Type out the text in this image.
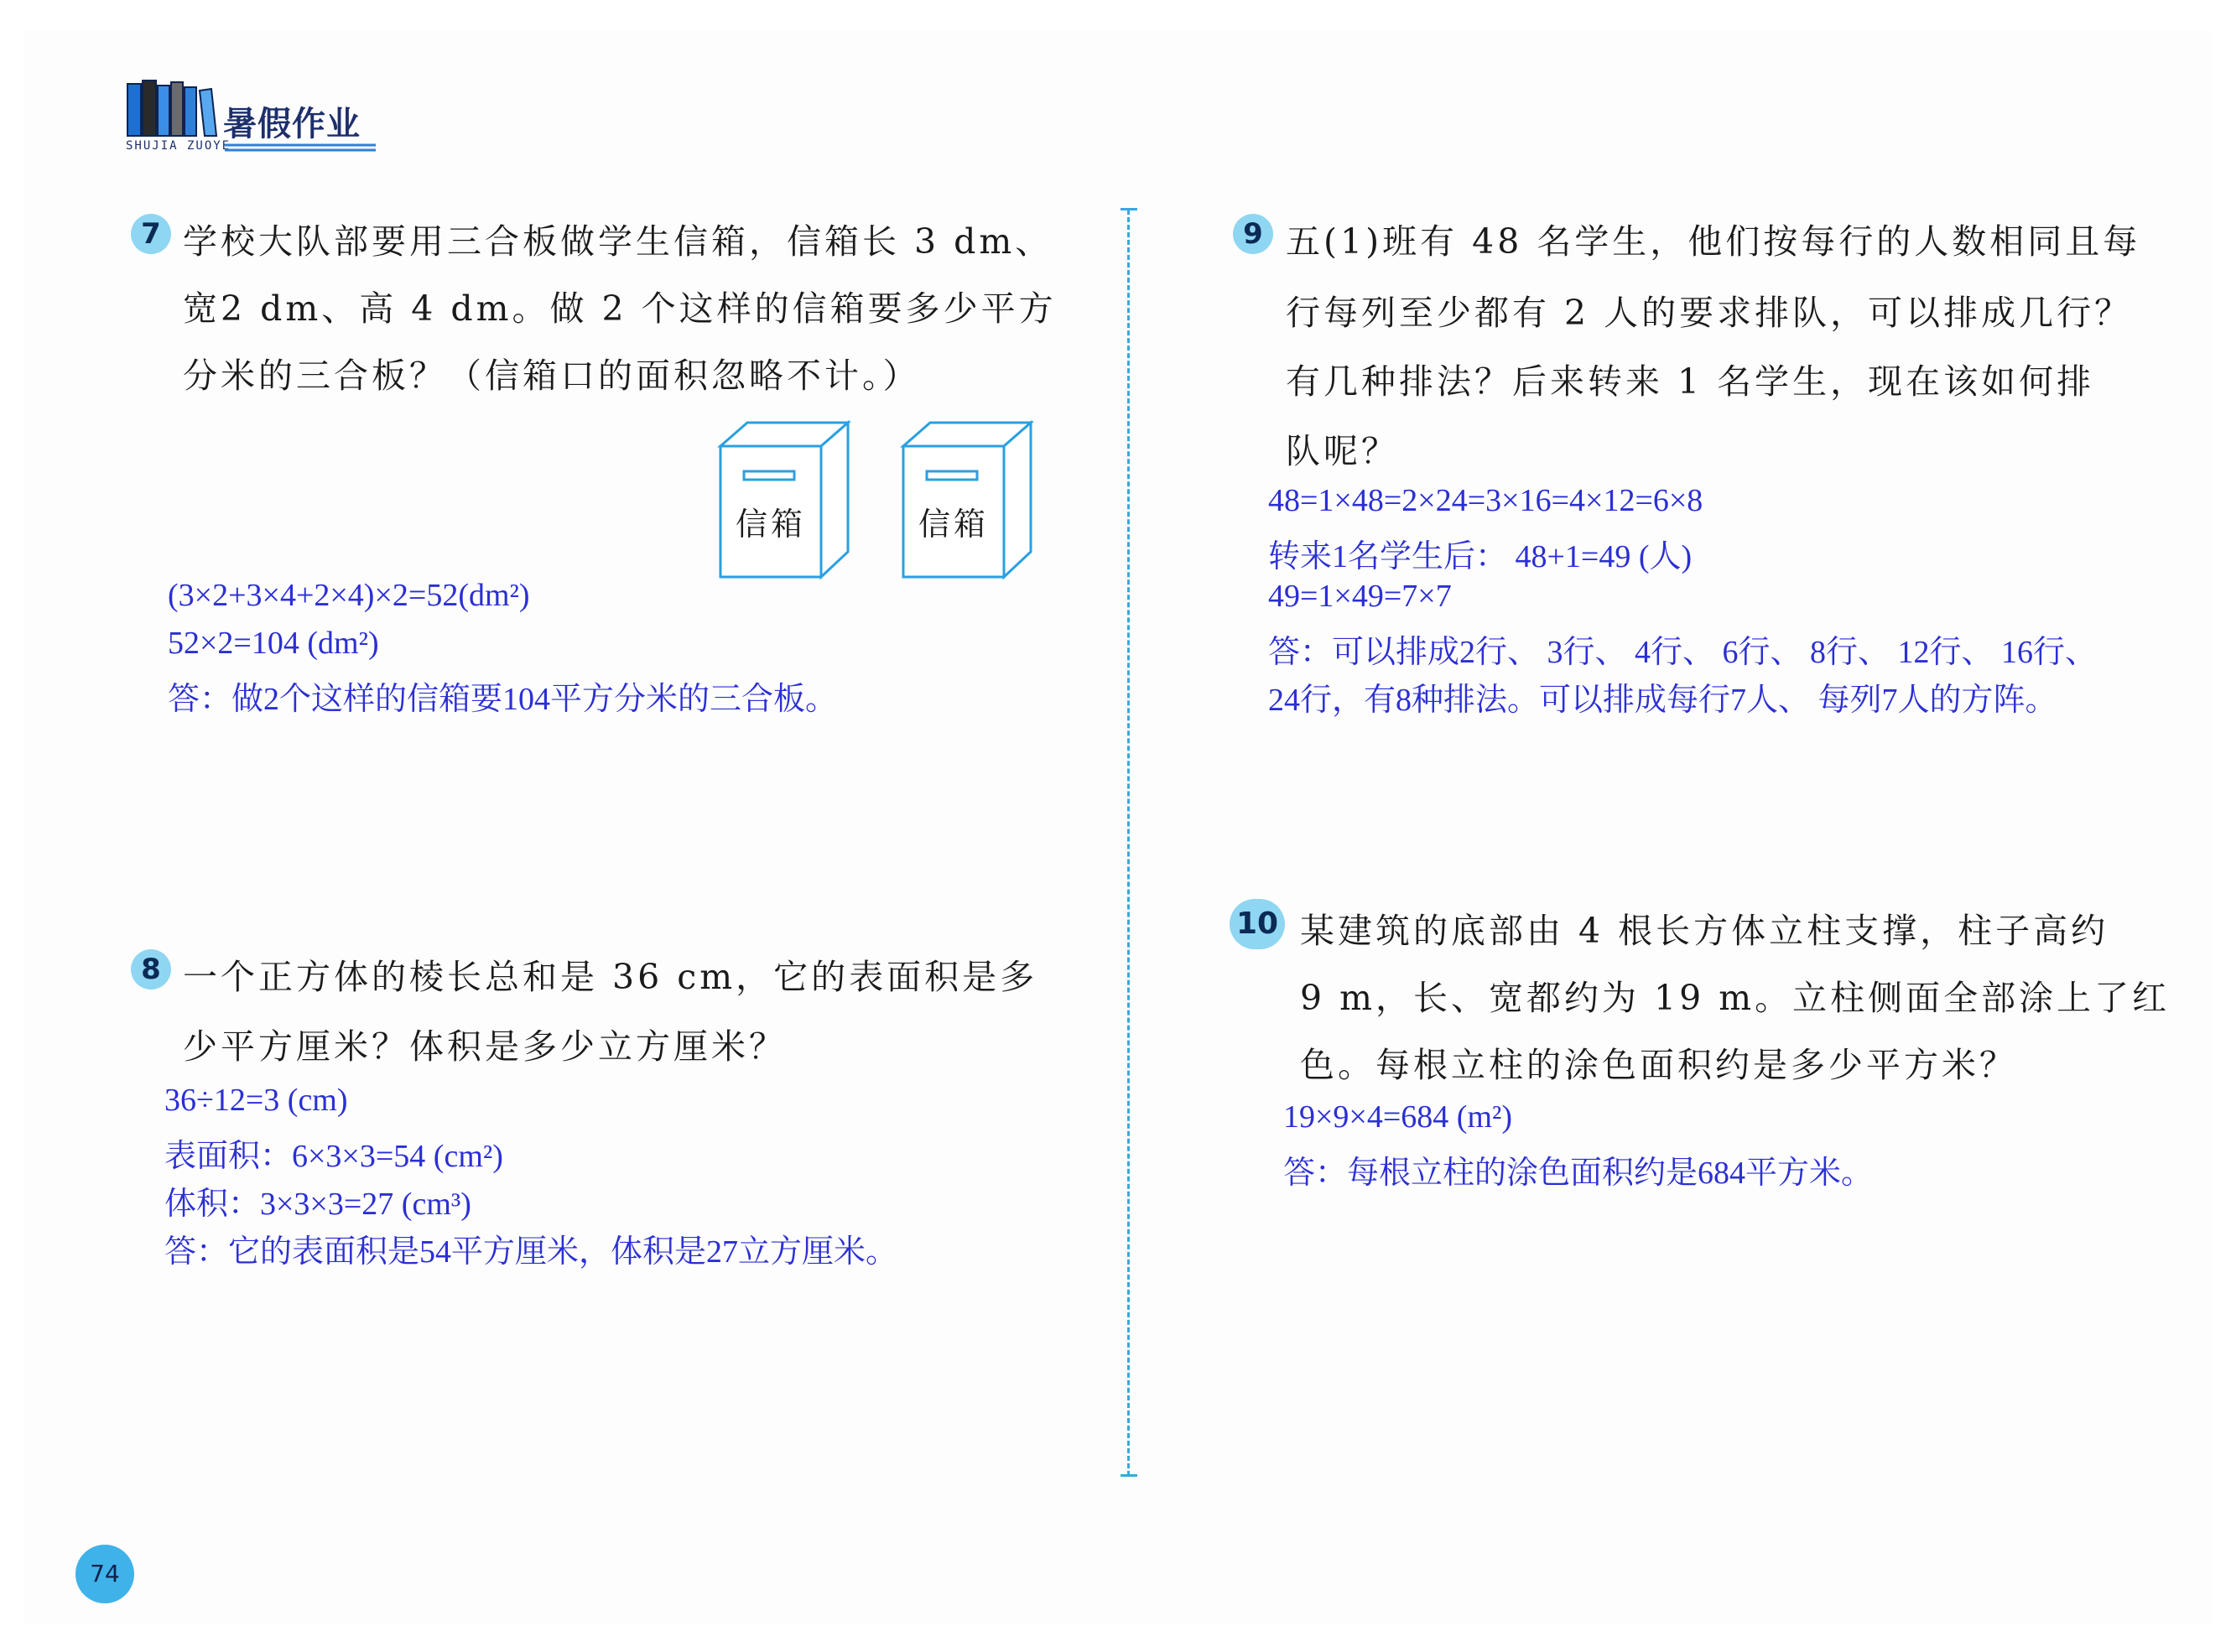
暑假作业
SHUJIA ZUOYE
7 学校大队部要用三合板做学生信箱，信箱长 3 dm、
宽2 dm、高 4 dm。做 2 个这样的信箱要多少平方
分米的三合板？（信箱口的面积忽略不计。）
信箱	信箱
(3×2+3×4+2×4)×2=52(dm²)
52×2=104 (dm²)
答：做2个这样的信箱要104平方分米的三合板。
8 一个正方体的棱长总和是 36 cm，它的表面积是多
少平方厘米？体积是多少立方厘米？
36÷12=3 (cm)
表面积：6×3×3=54 (cm²)
体积：3×3×3=27 (cm³)
答：它的表面积是54平方厘米，体积是27立方厘米。
9 五(1)班有 48 名学生，他们按每行的人数相同且每
行每列至少都有 2 人的要求排队，可以排成几行？
有几种排法？后来转来 1 名学生，现在该如何排
队呢？
48=1×48=2×24=3×16=4×12=6×8
转来1名学生后： 48+1=49 (人)
49=1×49=7×7
答：可以排成2行、 3行、 4行、 6行、 8行、 12行、 16行、
24行，有8种排法。可以排成每行7人、 每列7人的方阵。
10 某建筑的底部由 4 根长方体立柱支撑，柱子高约
9 m，长、宽都约为 19 m。立柱侧面全部涂上了红
色。每根立柱的涂色面积约是多少平方米？
19×9×4=684 (m²)
答：每根立柱的涂色面积约是684平方米。
74
